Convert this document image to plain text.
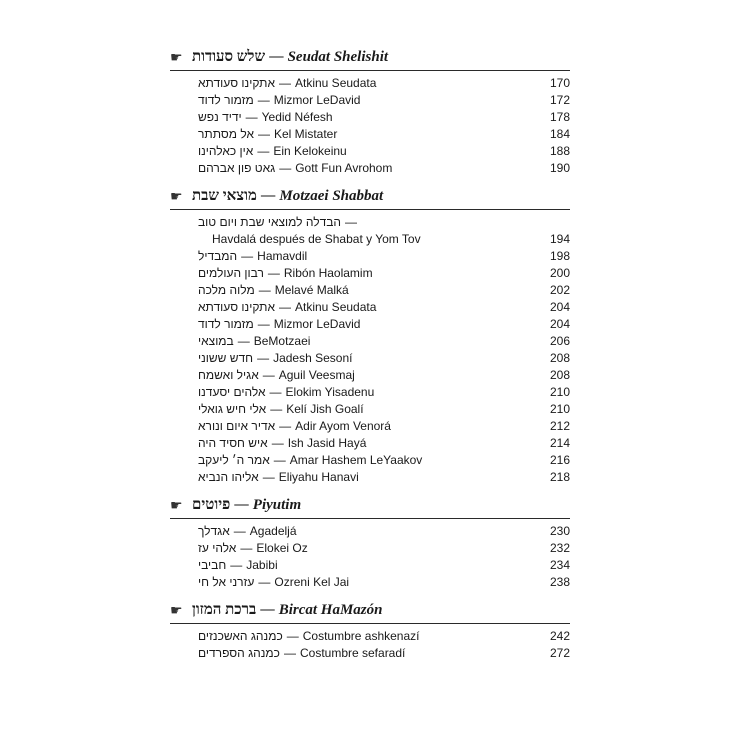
☛ שלש סעודות — Seudat Shelishit
אתקינו סעודתא — Atkinu Seudata	170
מזמור לדוד — Mizmor LeDavid	172
ידיד נפש — Yedid Néfesh	178
אל מסתתר — Kel Mistater	184
אין כאלהינו — Ein Kelokeinu	188
גאט פון אברהם — Gott Fun Avrohom	190
☛ מוצאי שבת — Motzaei Shabbat
הבדלה למוצאי שבת ויום טוב —
Havdalá después de Shabat y Yom Tov	194
המבדיל — Hamavdil	198
רבון העולמים — Ribón Haolamim	200
מלוה מלכה — Melavé Malká	202
אתקינו סעודתא — Atkinu Seudata	204
מזמור לדוד — Mizmor LeDavid	204
במוצאי — BeMotzaei	206
חדש ששוני — Jadesh Sesoní	208
אגיל ואשמח — Aguil Veesmaj	208
אלהים יסעדנו — Elokim Yisadenu	210
אלי חיש גואלי — Kelí Jish Goalí	210
אדיר איום ונורא — Adir Ayom Venorá	212
איש חסיד היה — Ish Jasid Hayá	214
אמר ה׳ ליעקב — Amar Hashem LeYaakov	216
אליהו הנביא — Eliyahu Hanavi	218
☛ פיוטים — Piyutim
אגדלך — Agadeljá	230
אלהי עז — Elokei Oz	232
חביבי — Jabibi	234
עזרני אל חי — Ozreni Kel Jai	238
☛ ברכת המזון — Bircat HaMazón
כמנהג האשכנזים — Costumbre ashkenazí	242
כמנהג הספרדים — Costumbre sefaradí	272
